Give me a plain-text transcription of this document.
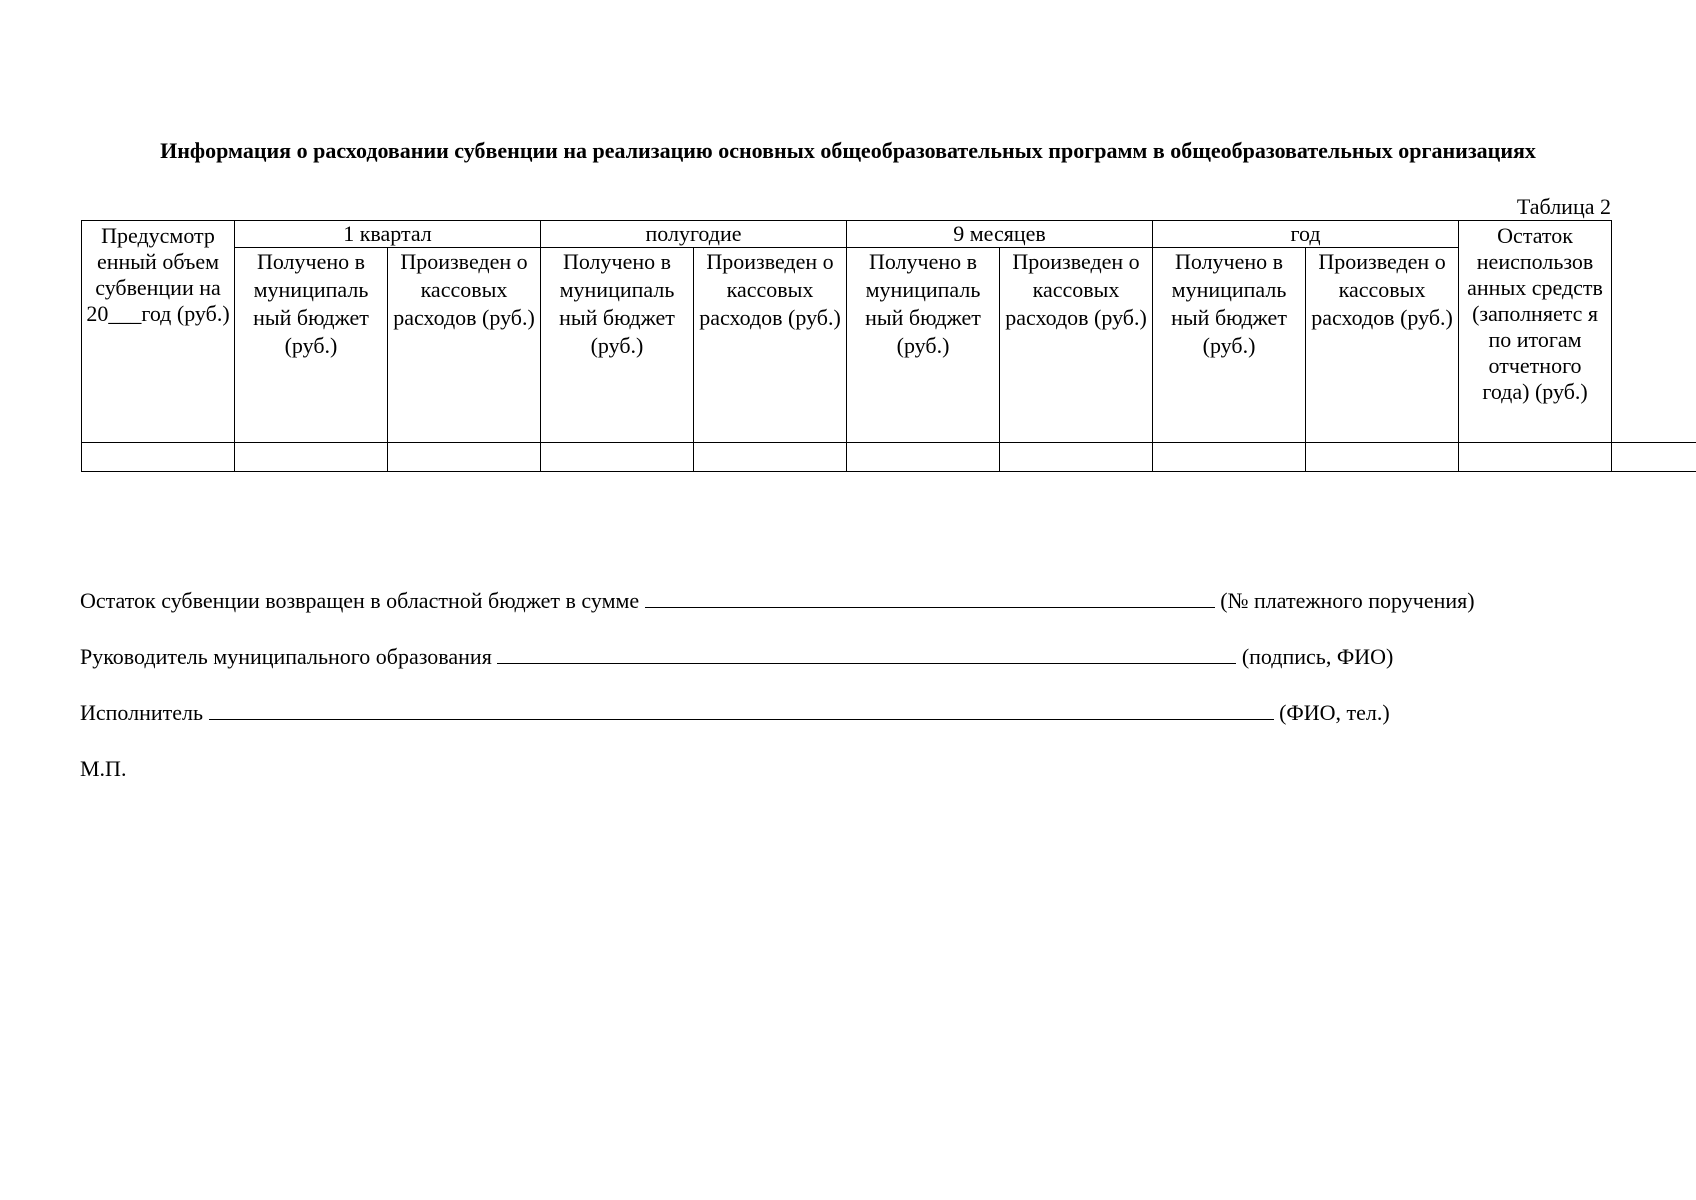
Информация о расходовании субвенции на реализацию основных общеобразовательных программ в общеобразовательных организациях
Таблица 2
Предусмотр енный объем субвенции на 20___год (руб.)	1 квартал		полугодие		9 месяцев		год		Остаток неиспользов анных средств (заполняетс я по итогам отчетного года) (руб.)	
	Получено в муниципаль ный бюджет (руб.)	Произведен о кассовых расходов (руб.)	Получено в муниципаль ный бюджет (руб.)	Произведен о кассовых расходов (руб.)	Получено в муниципаль ный бюджет (руб.)	Произведен о кассовых расходов (руб.)	Получено в муниципаль ный бюджет (руб.)	Произведен о кассовых расходов (руб.)		

Остаток субвенции возвращен в областной бюджет в сумме	(№ платежного поручения)
Руководитель муниципального образования	(подпись, ФИО)
Исполнитель	(ФИО, тел.)
М.П.
